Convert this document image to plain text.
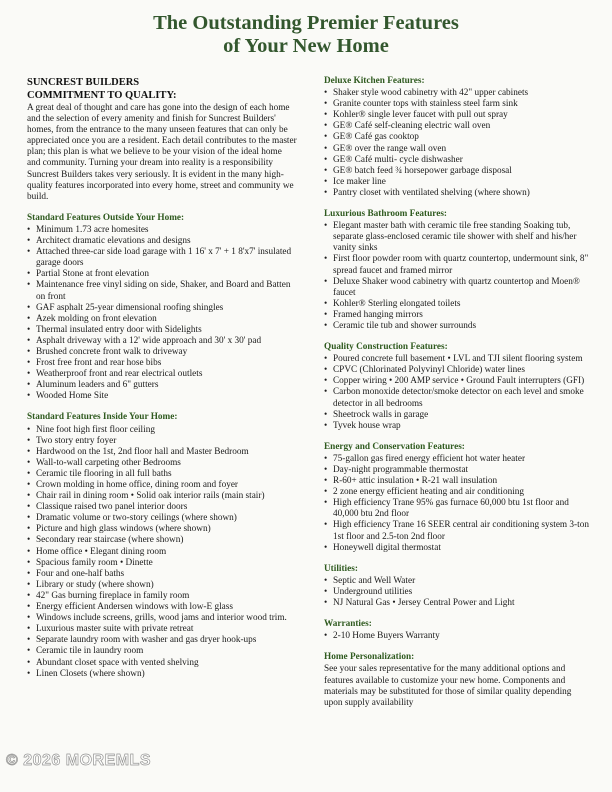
The Outstanding Premier Features
of Your New Home
SUNCREST BUILDERS
COMMITMENT TO QUALITY:

A great deal of thought and care has gone into the design of each home and the selection of every amenity and finish for Suncrest Builders' homes, from the entrance to the many unseen features that can only be appreciated once you are a resident. Each detail contributes to the master plan; this plan is what we believe to be your vision of the ideal home and community. Turning your dream into reality is a responsibility Suncrest Builders takes very seriously. It is evident in the many high-quality features incorporated into every home, street and community we build.

Standard Features Outside Your Home:
• Minimum 1.73 acre homesites
• Architect dramatic elevations and designs
• Attached three-car side load garage with 1 16' x 7' + 1 8'x7' insulated garage doors
• Partial Stone at front elevation
• Maintenance free vinyl siding on side, Shaker, and Board and Batten on front
• GAF asphalt 25-year dimensional roofing shingles
• Azek molding on front elevation
• Thermal insulated entry door with Sidelights
• Asphalt driveway with a 12' wide approach and 30' x 30' pad
• Brushed concrete front walk to driveway
• Frost free front and rear hose bibs
• Weatherproof front and rear electrical outlets
• Aluminum leaders and 6" gutters
• Wooded Home Site
Standard Features Inside Your Home:
• Nine foot high first floor ceiling
• Two story entry foyer
• Hardwood on the 1st, 2nd floor hall and Master Bedroom
• Wall-to-wall carpeting other Bedrooms
• Ceramic tile flooring in all full baths
• Crown molding in home office, dining room and foyer
• Chair rail in dining room • Solid oak interior rails (main stair)
• Classique raised two panel interior doors
• Dramatic volume or two-story ceilings (where shown)
• Picture and high glass windows (where shown)
• Secondary rear staircase (where shown)
• Home office • Elegant dining room
• Spacious family room • Dinette
• Four and one-half baths
• Library or study (where shown)
• 42" Gas burning fireplace in family room
• Energy efficient Andersen windows with low-E glass
• Windows include screens, grills, wood jams and interior wood trim.
• Luxurious master suite with private retreat
• Separate laundry room with washer and gas dryer hook-ups
• Ceramic tile in laundry room
• Abundant closet space with vented shelving
• Linen Closets (where shown)
Deluxe Kitchen Features:
• Shaker style wood cabinetry with 42" upper cabinets
• Granite counter tops with stainless steel farm sink
• Kohler® single lever faucet with pull out spray
• GE® Café self-cleaning electric wall oven
• GE® Café gas cooktop
• GE® over the range wall oven
• GE® Café multi- cycle dishwasher
• GE® batch feed ¾ horsepower garbage disposal
• Ice maker line
• Pantry closet with ventilated shelving (where shown)
Luxurious Bathroom Features:
• Elegant master bath with ceramic tile free standing Soaking tub, separate glass-enclosed ceramic tile shower with shelf and his/her vanity sinks
• First floor powder room with quartz countertop, undermount sink, 8" spread faucet and framed mirror
• Deluxe Shaker wood cabinetry with quartz countertop and Moen® faucet
• Kohler® Sterling elongated toilets
• Framed hanging mirrors
• Ceramic tile tub and shower surrounds
Quality Construction Features:
• Poured concrete full basement • LVL and TJI silent flooring system
• CPVC (Chlorinated Polyvinyl Chloride) water lines
• Copper wiring • 200 AMP service • Ground Fault interrupters (GFI)
• Carbon monoxide detector/smoke detector on each level and smoke detector in all bedrooms
• Sheetrock walls in garage
• Tyvek house wrap
Energy and Conservation Features:
• 75-gallon gas fired energy efficient hot water heater
• Day-night programmable thermostat
• R-60+ attic insulation • R-21 wall insulation
• 2 zone energy efficient heating and air conditioning
• High efficiency Trane 95% gas furnace 60,000 btu 1st floor and 40,000 btu 2nd floor
• High efficiency Trane 16 SEER central air conditioning system 3-ton 1st floor and 2.5-ton 2nd floor
• Honeywell digital thermostat
Utilities:
• Septic and Well Water
• Underground utilities
• NJ Natural Gas • Jersey Central Power and Light
Warranties:
• 2-10 Home Buyers Warranty
Home Personalization:

See your sales representative for the many additional options and features available to customize your new home. Components and materials may be substituted for those of similar quality depending upon supply availability

© 2026 MOREMLS
